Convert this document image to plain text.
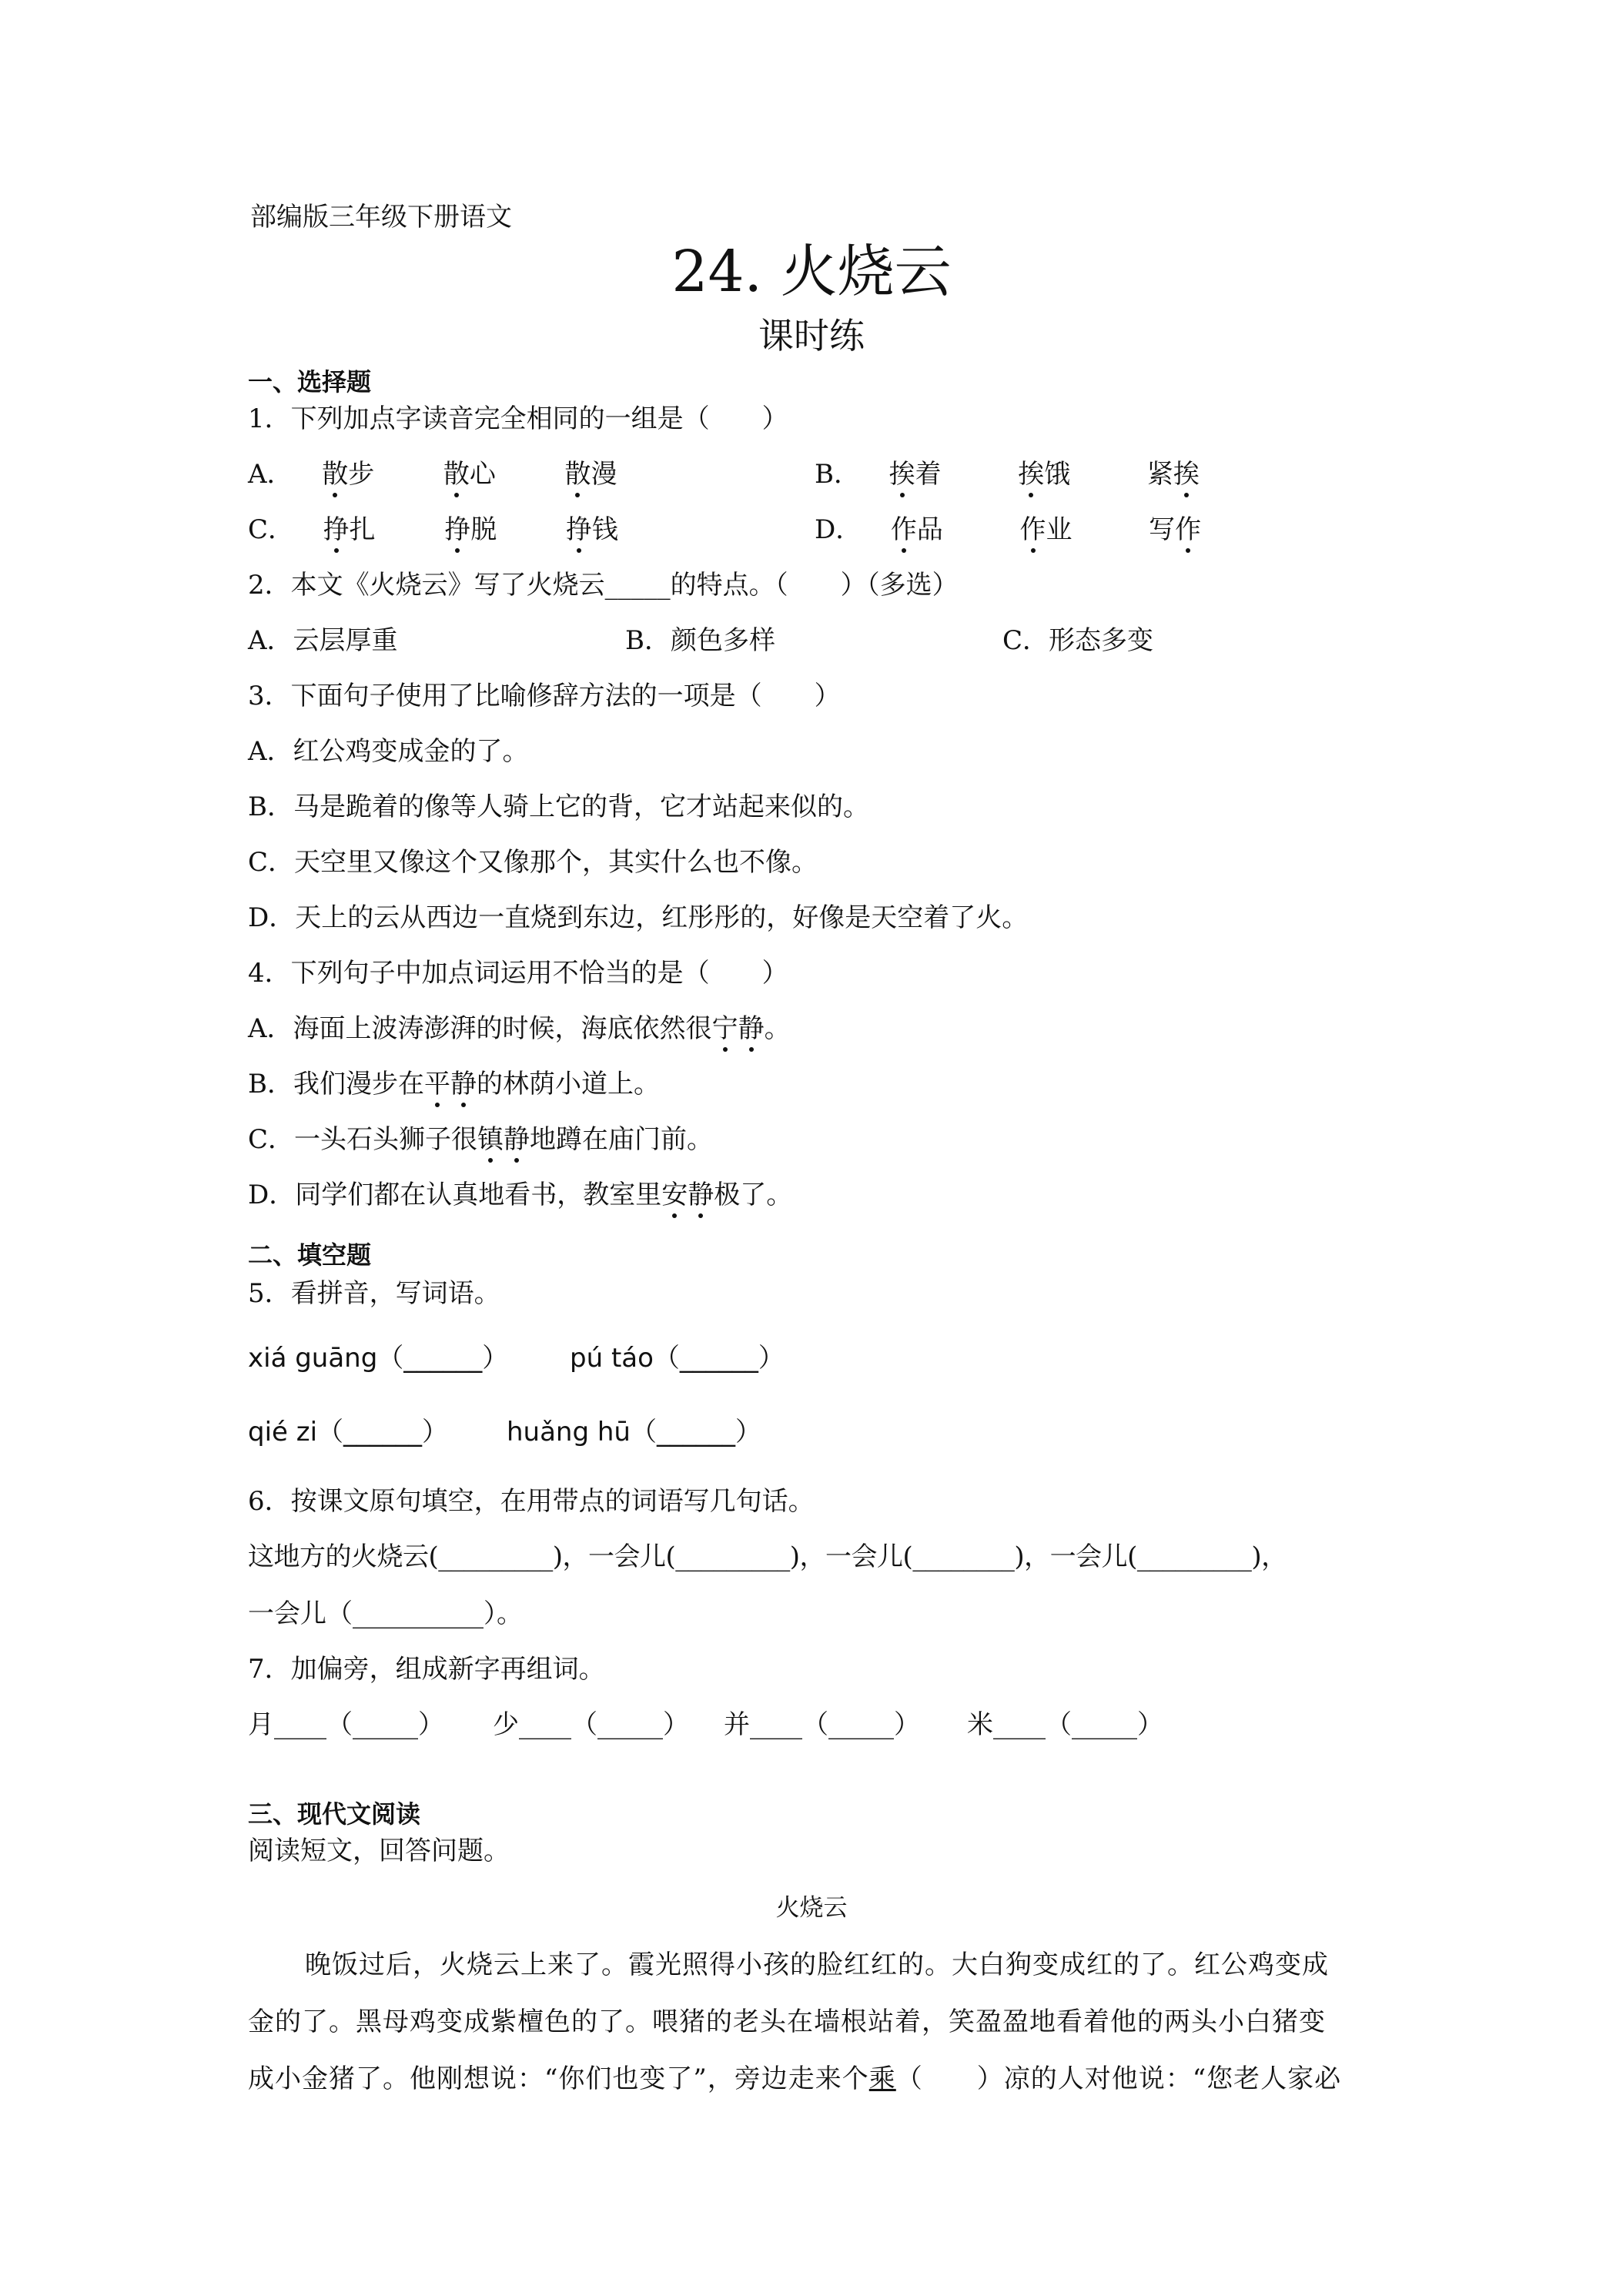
部编版三年级下册语文
24. 火烧云
课时练
一、选择题
1．下列加点字读音完全相同的一组是（　　）
A． 散步	散心	散漫	B． 挨着	挨饿	紧挨
C． 挣扎	挣脱	挣钱	D． 作品	作业	写作
2．本文《火烧云》写了火烧云_____的特点。（　　）（多选）
A．云层厚重	B．颜色多样	C．形态多变
3．下面句子使用了比喻修辞方法的一项是（　　）
A．红公鸡变成金的了。
B．马是跪着的像等人骑上它的背，它才站起来似的。
C．天空里又像这个又像那个，其实什么也不像。
D．天上的云从西边一直烧到东边，红彤彤的，好像是天空着了火。
4．下列句子中加点词运用不恰当的是（　　）
A．海面上波涛澎湃的时候，海底依然很宁静。
B．我们漫步在平静的林荫小道上。
C．一头石头狮子很镇静地蹲在庙门前。
D．同学们都在认真地看书，教室里安静极了。
二、填空题
5．看拼音，写词语。
xiá guāng（______） pú táo（______）
qié zi（______） huǎng hū（______）
6．按课文原句填空，在用带点的词语写几句话。
这地方的火烧云(_________)，一会儿(_________)，一会儿(________)，一会儿(_________)，
一会儿（__________）。
7．加偏旁，组成新字再组词。
月____（_____） 少____（_____） 并____（_____） 米____（_____）
三、现代文阅读
阅读短文，回答问题。
火烧云
晚饭过后，火烧云上来了。霞光照得小孩的脸红红的。大白狗变成红的了。红公鸡变成
金的了。黑母鸡变成紫檀色的了。喂猪的老头在墙根站着，笑盈盈地看着他的两头小白猪变
成小金猪了。他刚想说：“你们也变了”，旁边走来个乘（　　）凉的人对他说：“您老人家必
